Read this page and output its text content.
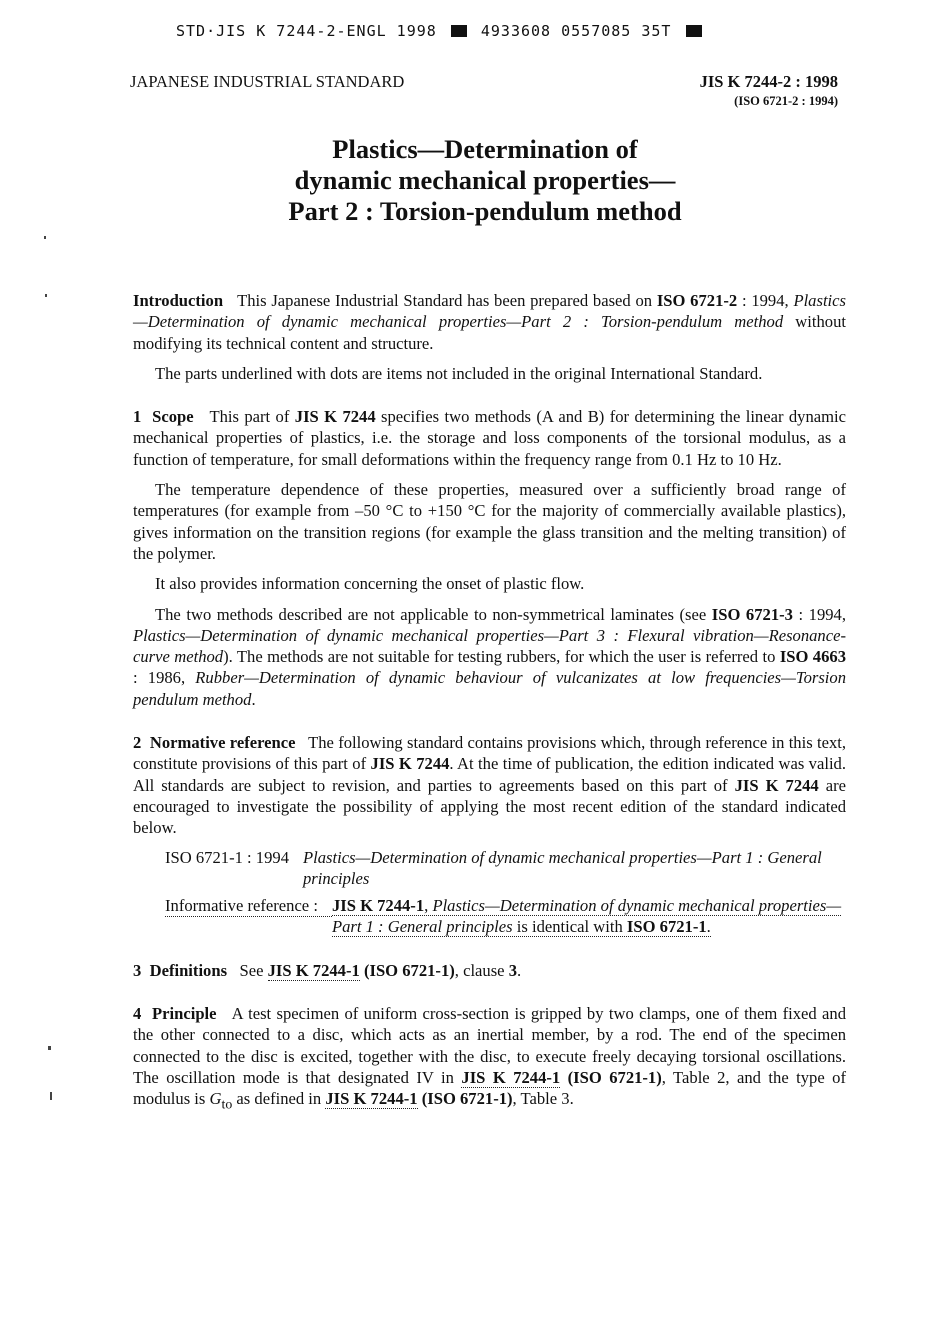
STD·JIS K 7244-2-ENGL 1998	4933608 0557085 35T
JAPANESE INDUSTRIAL STANDARD	JIS K 7244-2 : 1998
(ISO 6721-2 : 1994)
Plastics—Determination of
dynamic mechanical properties—
Part 2 : Torsion-pendulum method

Introduction This Japanese Industrial Standard has been prepared based on ISO 6721-2 : 1994, Plastics—Determination of dynamic mechanical properties—Part 2 : Torsion-pendulum method without modifying its technical content and structure.

The parts underlined with dots are items not included in the original International Standard.

1 Scope This part of JIS K 7244 specifies two methods (A and B) for determining the linear dynamic mechanical properties of plastics, i.e. the storage and loss components of the torsional modulus, as a function of temperature, for small deformations within the frequency range from 0.1 Hz to 10 Hz.

The temperature dependence of these properties, measured over a sufficiently broad range of temperatures (for example from –50 °C to +150 °C for the majority of commercially available plastics), gives information on the transition regions (for example the glass transition and the melting transition) of the polymer.

It also provides information concerning the onset of plastic flow.

The two methods described are not applicable to non-symmetrical laminates (see ISO 6721-3 : 1994, Plastics—Determination of dynamic mechanical properties—Part 3 : Flexural vibration—Resonance-curve method). The methods are not suitable for testing rubbers, for which the user is referred to ISO 4663 : 1986, Rubber—Determination of dynamic behaviour of vulcanizates at low frequencies—Torsion pendulum method.

2 Normative reference The following standard contains provisions which, through reference in this text, constitute provisions of this part of JIS K 7244. At the time of publication, the edition indicated was valid. All standards are subject to revision, and parties to agreements based on this part of JIS K 7244 are encouraged to investigate the possibility of applying the most recent edition of the standard indicated below.

ISO 6721-1 : 1994 Plastics—Determination of dynamic mechanical properties—Part 1 : General principles
Informative reference : JIS K 7244-1, Plastics—Determination of dynamic mechanical properties—Part 1 : General principles is identical with ISO 6721-1.

3 Definitions See JIS K 7244-1 (ISO 6721-1), clause 3.

4 Principle A test specimen of uniform cross-section is gripped by two clamps, one of them fixed and the other connected to a disc, which acts as an inertial member, by a rod. The end of the specimen connected to the disc is excited, together with the disc, to execute freely decaying torsional oscillations. The oscillation mode is that designated IV in JIS K 7244-1 (ISO 6721-1), Table 2, and the type of modulus is $G_{to}$ as defined in JIS K 7244-1 (ISO 6721-1), Table 3.
